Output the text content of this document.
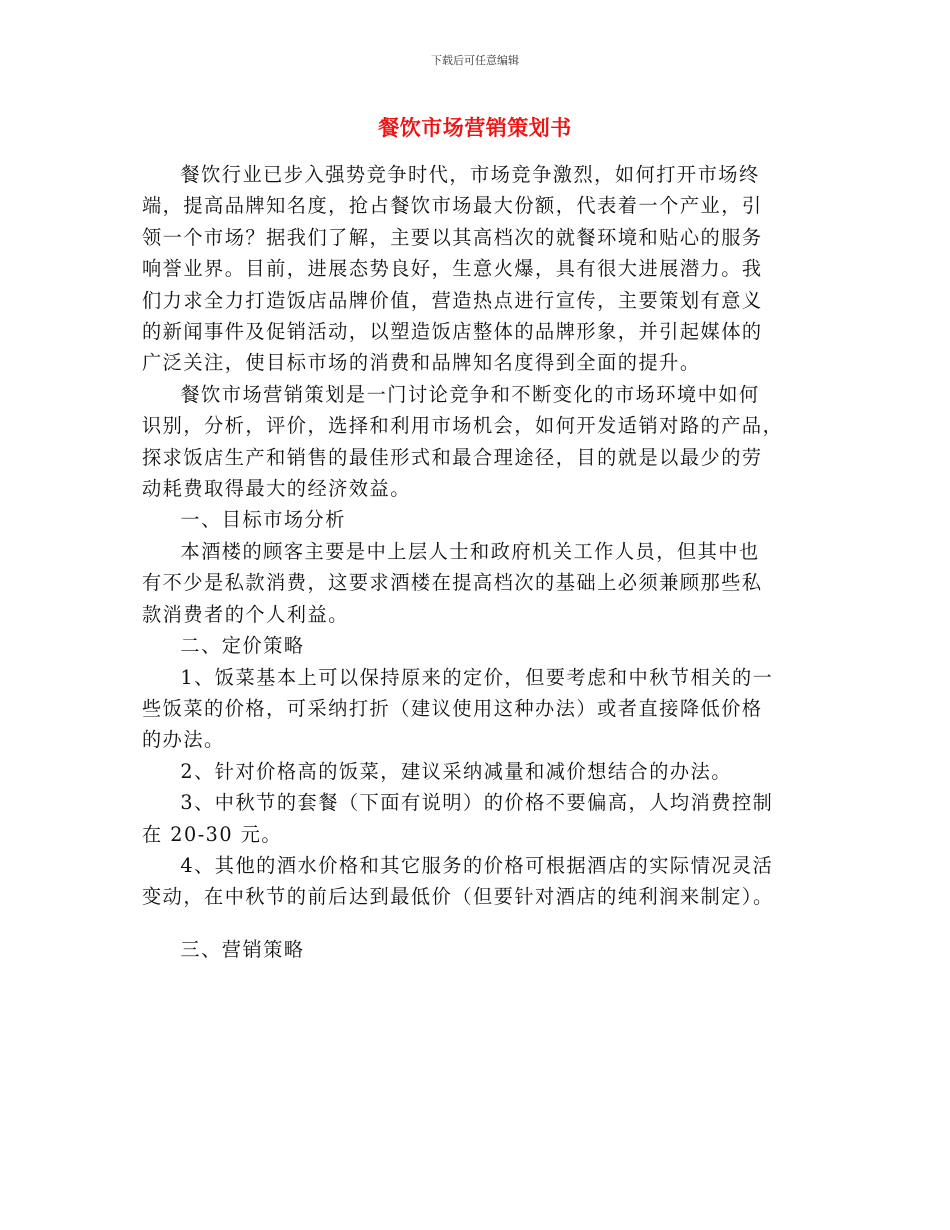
下载后可任意编辑
餐饮市场营销策划书

餐饮行业已步入强势竞争时代，市场竞争激烈，如何打开市场终
端，提高品牌知名度，抢占餐饮市场最大份额，代表着一个产业，引
领一个市场？据我们了解，主要以其高档次的就餐环境和贴心的服务
响誉业界。目前，进展态势良好，生意火爆，具有很大进展潜力。我
们力求全力打造饭店品牌价值，营造热点进行宣传，主要策划有意义
的新闻事件及促销活动，以塑造饭店整体的品牌形象，并引起媒体的
广泛关注，使目标市场的消费和品牌知名度得到全面的提升。

餐饮市场营销策划是一门讨论竞争和不断变化的市场环境中如何
识别，分析，评价，选择和利用市场机会，如何开发适销对路的产品，
探求饭店生产和销售的最佳形式和最合理途径，目的就是以最少的劳
动耗费取得最大的经济效益。

一、目标市场分析

本酒楼的顾客主要是中上层人士和政府机关工作人员，但其中也
有不少是私款消费，这要求酒楼在提高档次的基础上必须兼顾那些私
款消费者的个人利益。

二、定价策略

1、饭菜基本上可以保持原来的定价，但要考虑和中秋节相关的一
些饭菜的价格，可采纳打折（建议使用这种办法）或者直接降低价格
的办法。

2、针对价格高的饭菜，建议采纳减量和减价想结合的办法。

3、中秋节的套餐（下面有说明）的价格不要偏高，人均消费控制
在 20-30 元。

4、其他的酒水价格和其它服务的价格可根据酒店的实际情况灵活
变动，在中秋节的前后达到最低价（但要针对酒店的纯利润来制定）。

三、营销策略
